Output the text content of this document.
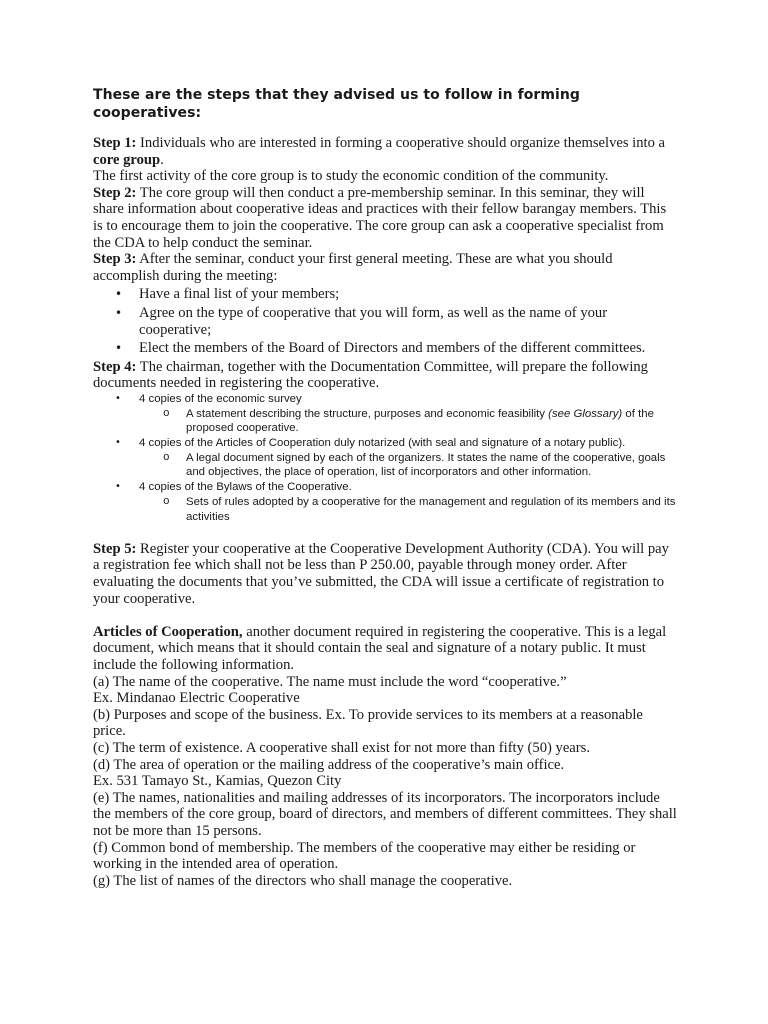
These are the steps that they advised us to follow in forming cooperatives:

Step 1: Individuals who are interested in forming a cooperative should organize themselves into a core group.

The first activity of the core group is to study the economic condition of the community.

Step 2: The core group will then conduct a pre-membership seminar. In this seminar, they will share information about cooperative ideas and practices with their fellow barangay members. This is to encourage them to join the cooperative. The core group can ask a cooperative specialist from the CDA to help conduct the seminar.

Step 3: After the seminar, conduct your first general meeting. These are what you should accomplish during the meeting:

• Have a final list of your members;
• Agree on the type of cooperative that you will form, as well as the name of your cooperative;
• Elect the members of the Board of Directors and members of the different committees.

Step 4: The chairman, together with the Documentation Committee, will prepare the following documents needed in registering the cooperative.

• 4 copies of the economic survey
o A statement describing the structure, purposes and economic feasibility (see Glossary) of the proposed cooperative.
• 4 copies of the Articles of Cooperation duly notarized (with seal and signature of a notary public).
o A legal document signed by each of the organizers. It states the name of the cooperative, goals and objectives, the place of operation, list of incorporators and other information.
• 4 copies of the Bylaws of the Cooperative.
o Sets of rules adopted by a cooperative for the management and regulation of its members and its activities

Step 5: Register your cooperative at the Cooperative Development Authority (CDA). You will pay a registration fee which shall not be less than P 250.00, payable through money order. After evaluating the documents that you’ve submitted, the CDA will issue a certificate of registration to your cooperative.

Articles of Cooperation, another document required in registering the cooperative. This is a legal document, which means that it should contain the seal and signature of a notary public. It must include the following information.

(a) The name of the cooperative. The name must include the word “cooperative.”

Ex. Mindanao Electric Cooperative

(b) Purposes and scope of the business. Ex. To provide services to its members at a reasonable price.

(c) The term of existence. A cooperative shall exist for not more than fifty (50) years.

(d) The area of operation or the mailing address of the cooperative’s main office.

Ex. 531 Tamayo St., Kamias, Quezon City

(e) The names, nationalities and mailing addresses of its incorporators. The incorporators include the members of the core group, board of directors, and members of different committees. They shall not be more than 15 persons.

(f) Common bond of membership. The members of the cooperative may either be residing or working in the intended area of operation.

(g) The list of names of the directors who shall manage the cooperative.
